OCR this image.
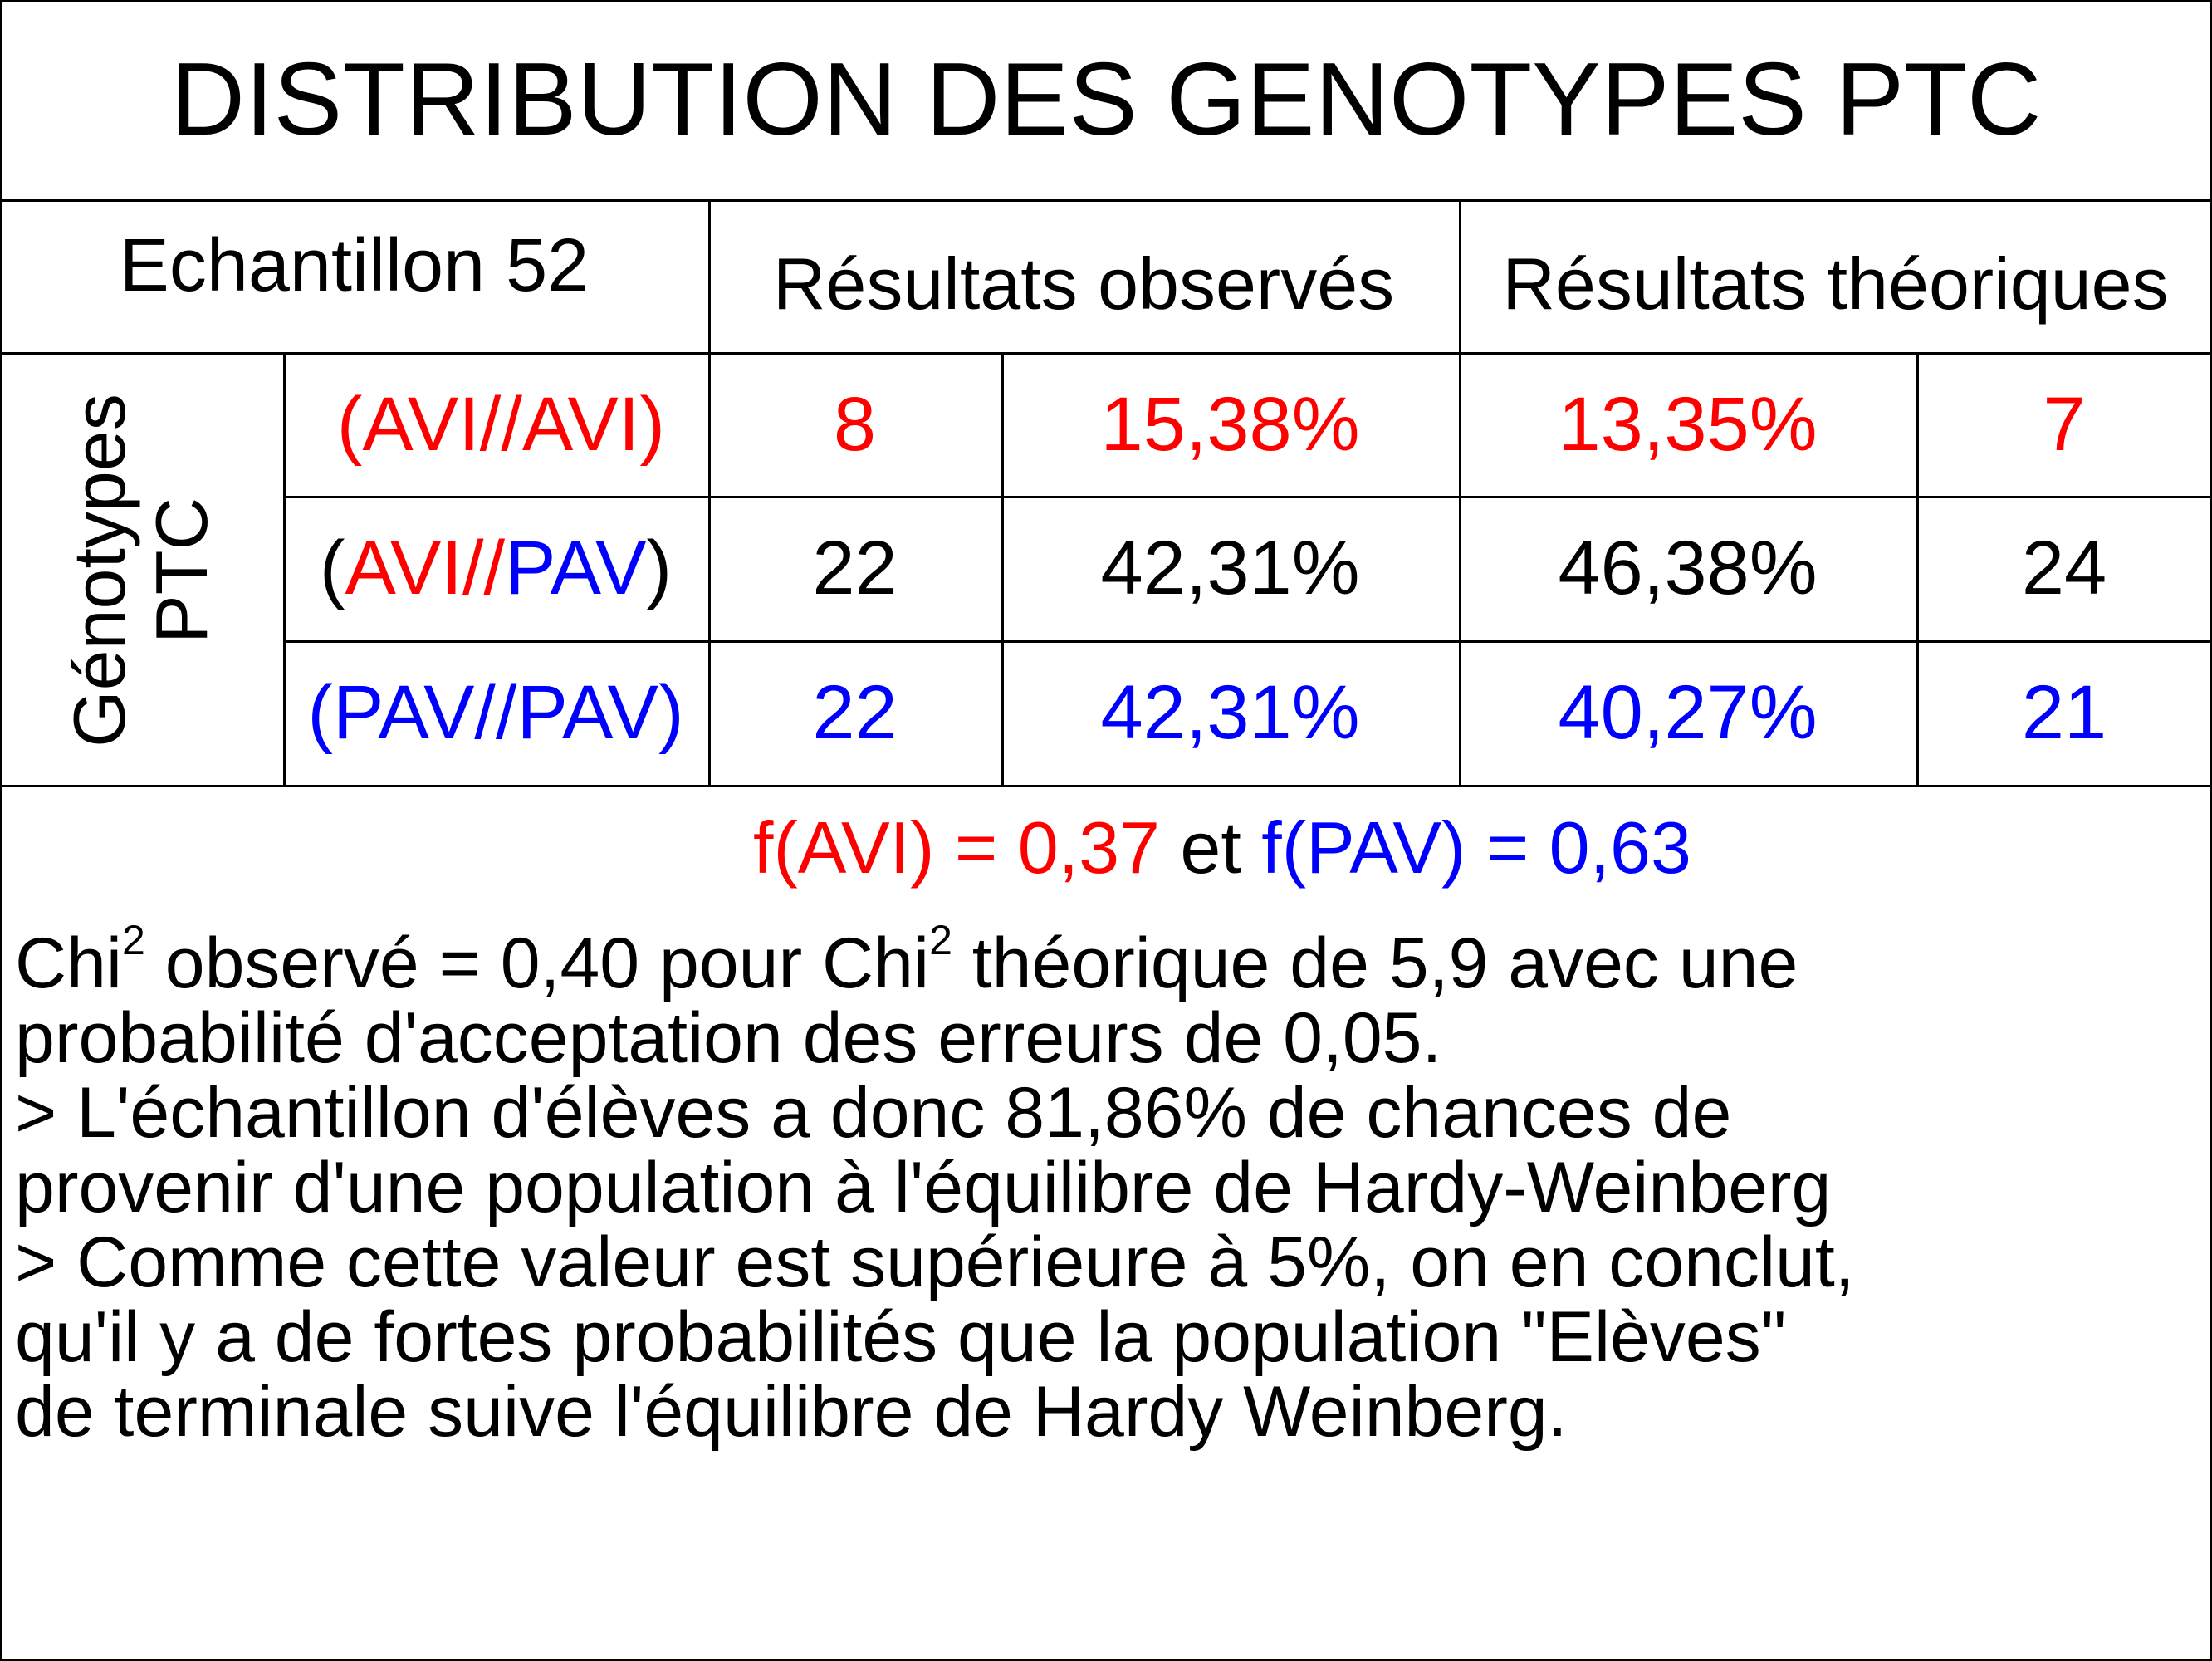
DISTRIBUTION DES GENOTYPES PTC
Echantillon 52	Résultats observés	Résultats théoriques
Génotypes PTC
(AVI//AVI)	8	15,38%	13,35%	7
( AVI // PAV )	22	42,31%	46,38%	24
(PAV//PAV)	22	42,31%	40,27%	21
f(AVI) = 0,37 et f(PAV) = 0,63
Chi$^2$ observé = 0,40 pour Chi$^2$ théorique de 5,9 avec une
probabilité d'acceptation des erreurs de 0,05.
> L'échantillon d'élèves a donc 81,86% de chances de
provenir d'une population à l'équilibre de Hardy-Weinberg
> Comme cette valeur est supérieure à 5%, on en conclut,
qu'il y a de fortes probabilités que la population "Elèves"
de terminale suive l'équilibre de Hardy Weinberg.
